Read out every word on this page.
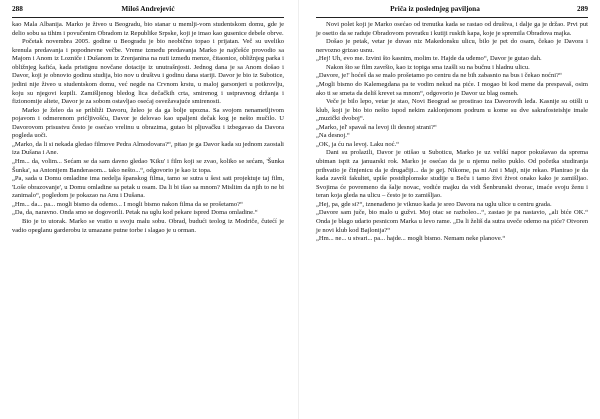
288	Miloš Andrejević

kao Mala Albanija. Marko je živeo u Beogradu, bio stanar u memlji-vom studentskom domu, gde je delio sobu sa tihim i povučenim Obradom iz Republike Srpske, koji je imao kao gusenice debele obrve.

Početak novembra 2005. godine u Beogradu je bio neobično topao i prijatan. Več su uveliko krenula predavanja i popodnevne večbe. Vreme između predavanja Marko je najčešće provodio sa Majom i Anom iz Lozniče i Dušanom iz Zrenjanina na nuti između menze, čitaonice, obližnjeg parka i obližnjeg kafića, kada pristignu novčane dotacije iz unutrašnjosti. Jednog dana je sa Anom došao i Davor, koji je obnovio godinu studija, bio nov u društvu i godinu dana stariji. Davor je bio iz Subotice, jedini nije živeo u studentskom domu, već negde na Crvnom krstu, u maloj garsonjeri u potkrovlju, koju su njegovi kupili. Zamišljenog bledog lica dečačkih crta, smirenog i ustpravnog držanja i fizionomije altete, Davor je za sobom ostavljao osećaj osvežavajuće smirenosti.

Marko je želeo da se približi Davoru, želeo je da ga bolje upozna. Sa svojom nenametljivom pojavom i odmerenom prićljivošću, Davor je delovao kao upaljeni dečak kog je nešto mučilo. U Davorovom prisustvu često je osećao vrelinu u obrazima, gutao bi pljuvačku i izbegavao da Davora pogleda uoči.

„Marko, da li si nekada gledao filmove Pedra Almodovara?“, pitao je ga Davor kada su jednom zaostali iza Dušana i Ane.

„Hm... da, volim... Sećam se da sam davno gledao 'Kiku' i film koji se zvao, koliko se sećam, 'Šunka Šunka', sa Antonijem Banderasom... tako nešto...“, odgovorio je kao iz topa.

„Pa, sada u Domu omladine ima nedelja španskog filma, tamo se sutra u šest sati projektuje taj film, 'Loše obrazovanje', u Domu omladine sa petak u osam. Da li bi išao sa mnom? Misliim da njih to ne bi zanimalo“, pogledom je pokazao na Anu i Dušana.

„Hm... da... pa... mogli bismo da odemo... I mogli bismo nakon filma da se prošetamo?“

„Da, da, naravno. Onda smo se dogovorili. Petak na uglu kod pekare ispred Doma omladine.“

Bio je to utorak. Marko se vratio u svoju malu sobu. Obrad, budući teolog iz Modriče, čutećí je vadio opeglanu garderobu iz umazane putne torbe i slagao je u orman.

Priča iz poslednjeg paviljona	289

Novi polet koji je Marko osećao od trenutka kada se rastao od društva, i dalje ga je držao. Prvi put je osetio da se raduje Obradovom povratku i kutiji ruskih kapa, koje je spremila Obradova majka.

Došao je petak, vetar je duvao niz Makedonsku ulicu, bilo je pet do osam, čekao je Davora i nervozno grizao usnu.

„Hej! Uh, evo me. Izvini što kasnim, molim te. Hajde da uđemo“, Davor je gutao dah.

Nakon što se film završio, kao iz topiga sma izašli su na bučnu i hladnu ulicu.

„Davore, je!' hoćeš da se malo prošetamo po centru da ne bih zabasnio na bus i čekao noćni?“

„Mogli bismo do Kalemegdana pa te vodim nekud na piće. I mogao bi kod mene da prespavaš, osim ako ti se smeta da deliš krevet sa mnom“, odgovorio je Davor uz blag osmeh.

Veče je bilo lepo, vetar je stao, Novi Beograd se prostirao iza Davorovih leđa. Kasnije su otišli u klub, koji je bio bio nešto ispod nekim zaklonjenom podrum u kome su dve sakrafosteishje imale „muzički dvoboj“.

„Marko, jel' spavaš na levoj ili desnoj strani?“

„Na desnoj.“

„OK, ja ću na levoj. Laku noć.“

Dani su prolazili, Davor je otišao u Suboticu, Marko je uz velikí napor pokušavao da sprema ubiman ispit za januarski rok. Marko je osećao da je u njemu nešto puklo. Od početka studiranja prihvatio je činjenicu da je drugačiji... da je gej. Nikome, pa ni Ani i Maji, nije rekao. Planirao je da kada završi fakultet, upiše postdiplomske studije u Beču i tamo živi život onako kako je zamišljao. Svojima će povremeno da šalje novac, vodiće majku da vidi Šenbrunski dvorac, imaće svoju ženu i teran koja gleda na ulicu – često je to zamišljao.

„Hej, pa, gde si?“, iznenađeno je viknuo kada je sreo Davora na uglu ulice u centru grada.

„Davore sam juče, bio malo u gužvi. Moj otac se razboleo...“, zastao je pa nastavio, „ali biće OK.“ Onda je blago udario pesnicom Marka u levo rame. „Da li želiš da sutra uveče odemo na piće? Otvoren je novi klub kod Bajlonija?“

„Hm... ne... u stvari... pa... hajde... mogli bismo. Nemam neke planove.“
